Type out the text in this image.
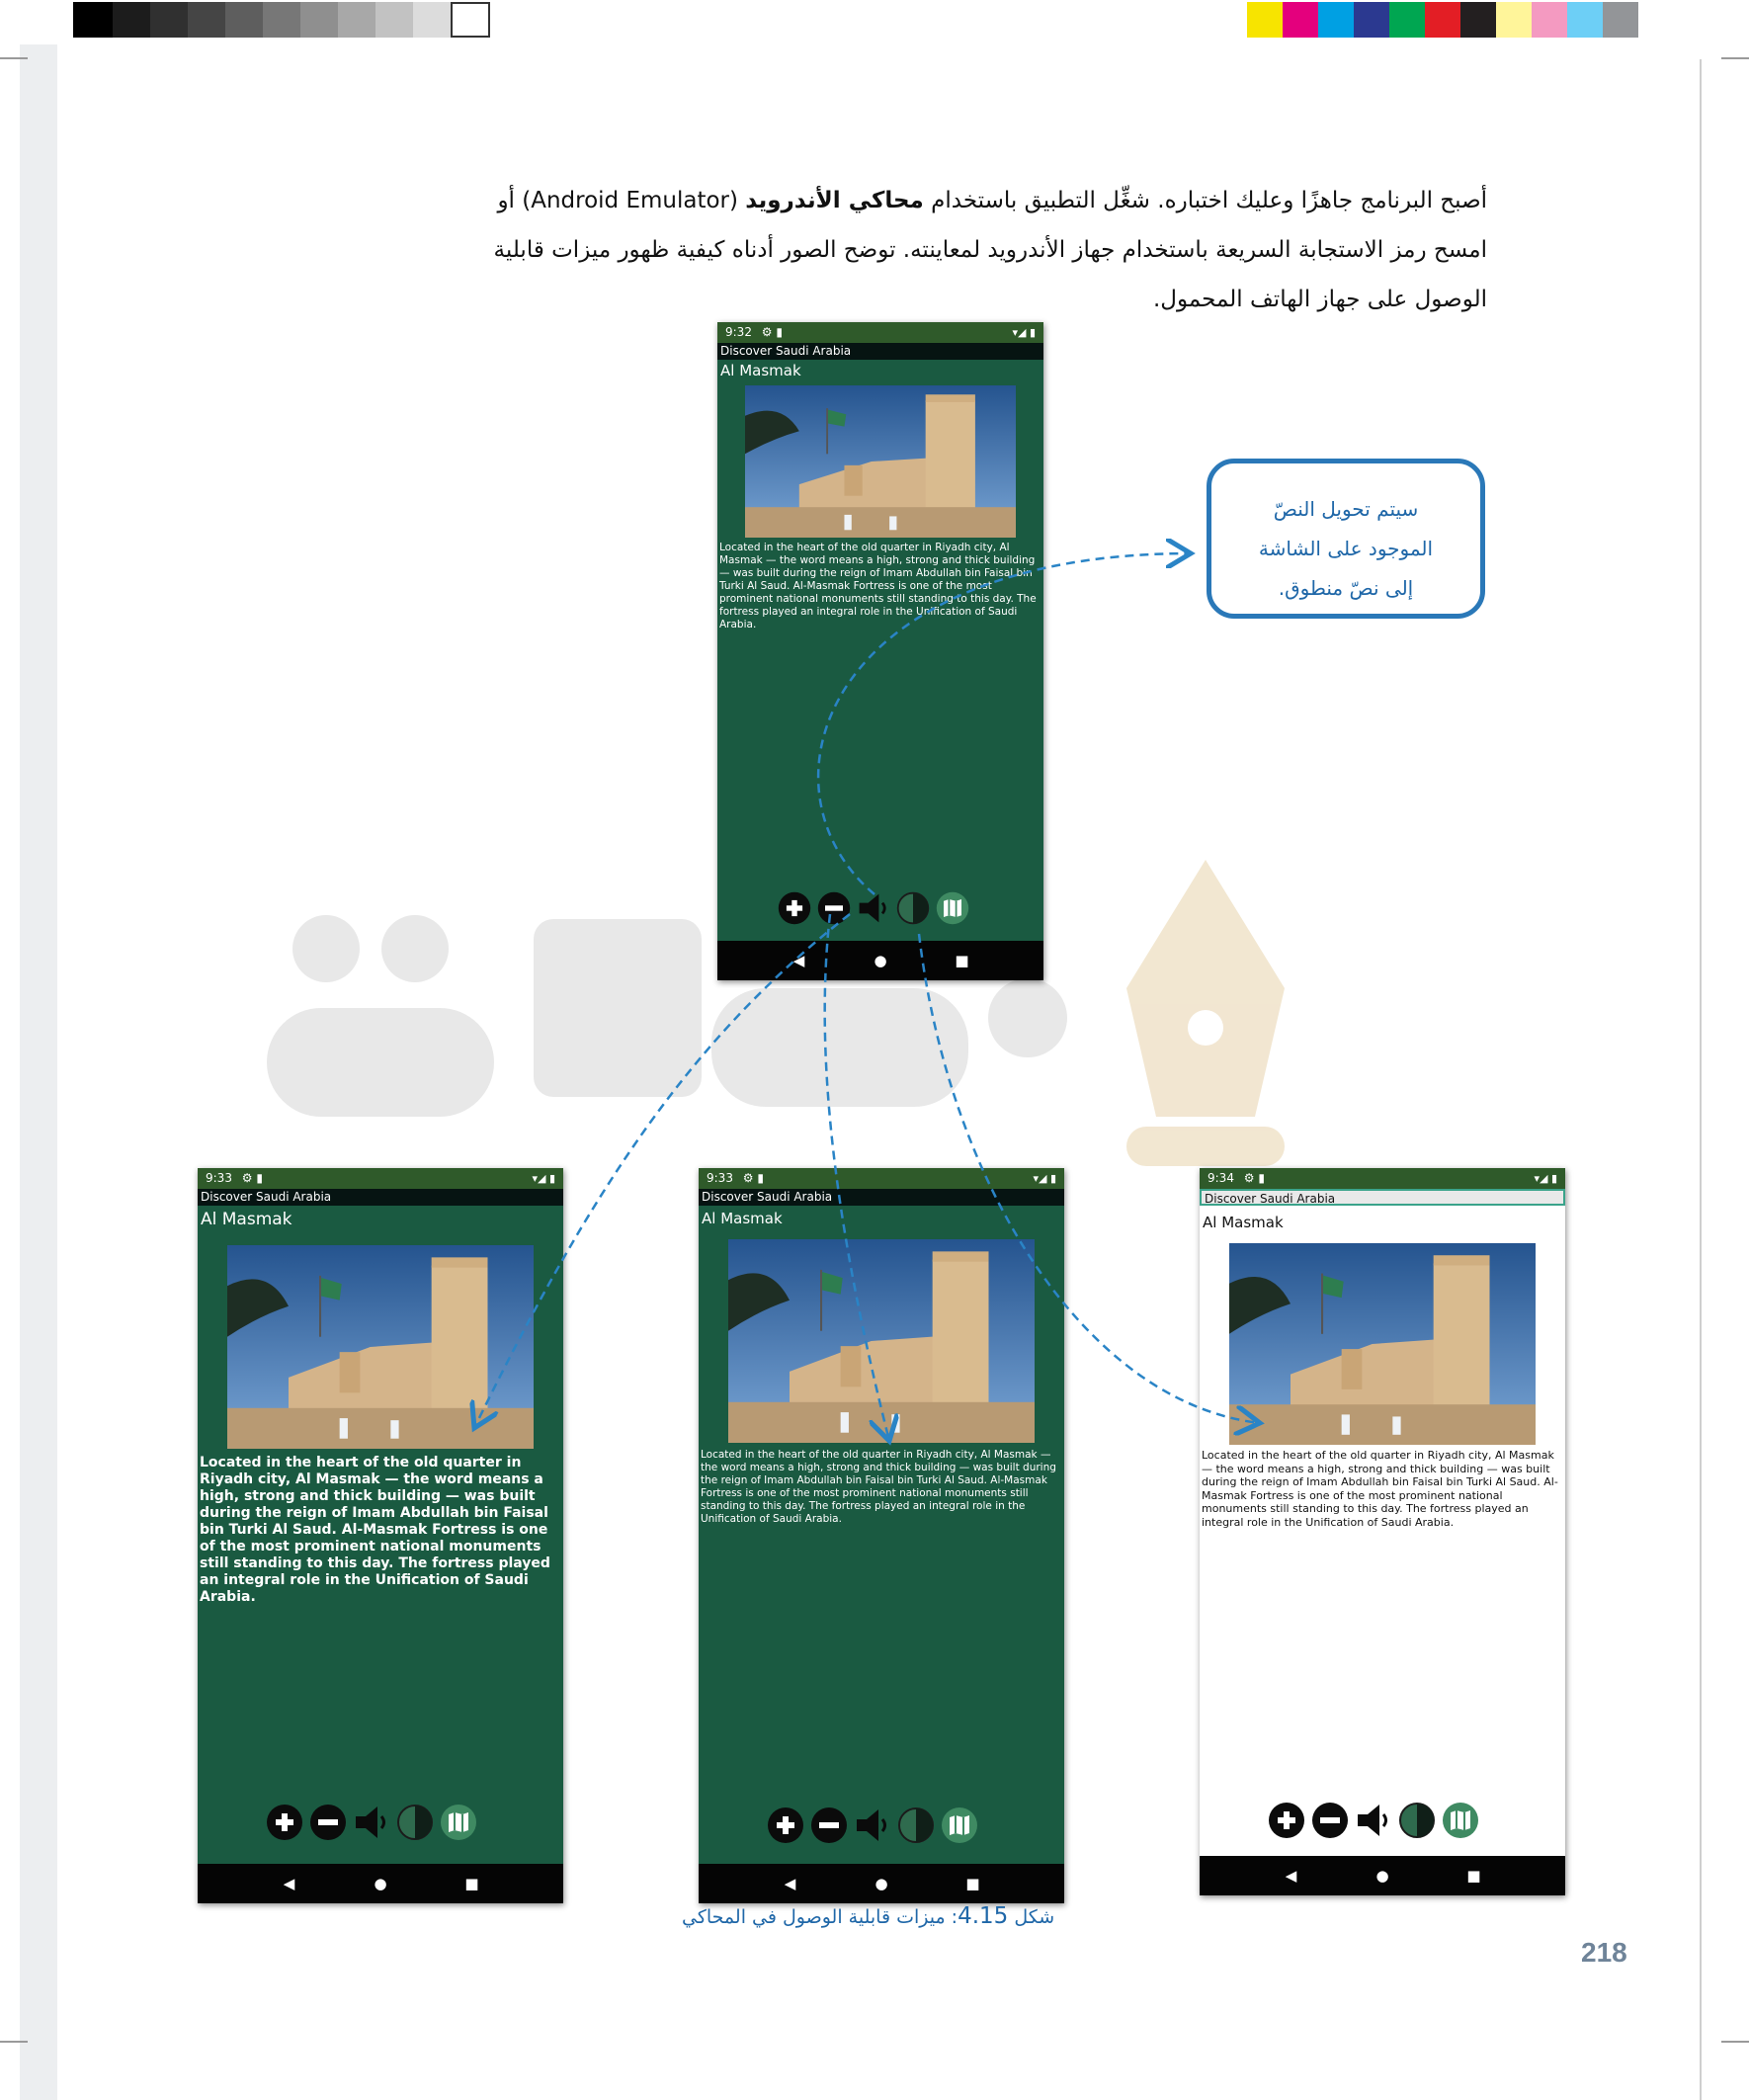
أصبح البرنامج جاهزًا وعليك اختباره. شغِّل التطبيق باستخدام محاكي الأندرويد (Android Emulator) أو
امسح رمز الاستجابة السريعة باستخدام جهاز الأندرويد لمعاينته. توضح الصور أدناه كيفية ظهور ميزات قابلية
الوصول على جهاز الهاتف المحمول.
سيتم تحويل النصّ
الموجود على الشاشة
إلى نصّ منطوق.
9:32 ⚙ ▮	▾◢ ▮
Discover Saudi Arabia
Al Masmak
Located in the heart of the old quarter in Riyadh city, Al Masmak — the word means a high, strong and thick building — was built during the reign of Imam Abdullah bin Faisal bin Turki Al Saud. Al-Masmak Fortress is one of the most prominent national monuments still standing to this day. The fortress played an integral role in the Unification of Saudi Arabia.
◀	●	■
9:33 ⚙ ▮	▾◢ ▮
Discover Saudi Arabia
Al Masmak
Located in the heart of the old quarter in Riyadh city, Al Masmak — the word means a high, strong and thick building — was built during the reign of Imam Abdullah bin Faisal bin Turki Al Saud. Al-Masmak Fortress is one of the most prominent national monuments still standing to this day. The fortress played an integral role in the Unification of Saudi Arabia.
◀	●	■
9:33 ⚙ ▮	▾◢ ▮
Discover Saudi Arabia
Al Masmak
Located in the heart of the old quarter in Riyadh city, Al Masmak — the word means a high, strong and thick building — was built during the reign of Imam Abdullah bin Faisal bin Turki Al Saud. Al-Masmak Fortress is one of the most prominent national monuments still standing to this day. The fortress played an integral role in the Unification of Saudi Arabia.
◀	●	■
9:34 ⚙ ▮	▾◢ ▮
Discover Saudi Arabia
Al Masmak
Located in the heart of the old quarter in Riyadh city, Al Masmak — the word means a high, strong and thick building — was built during the reign of Imam Abdullah bin Faisal bin Turki Al Saud. Al-Masmak Fortress is one of the most prominent national monuments still standing to this day. The fortress played an integral role in the Unification of Saudi Arabia.
◀	●	■
شكل 4.15: ميزات قابلية الوصول في المحاكي
218
